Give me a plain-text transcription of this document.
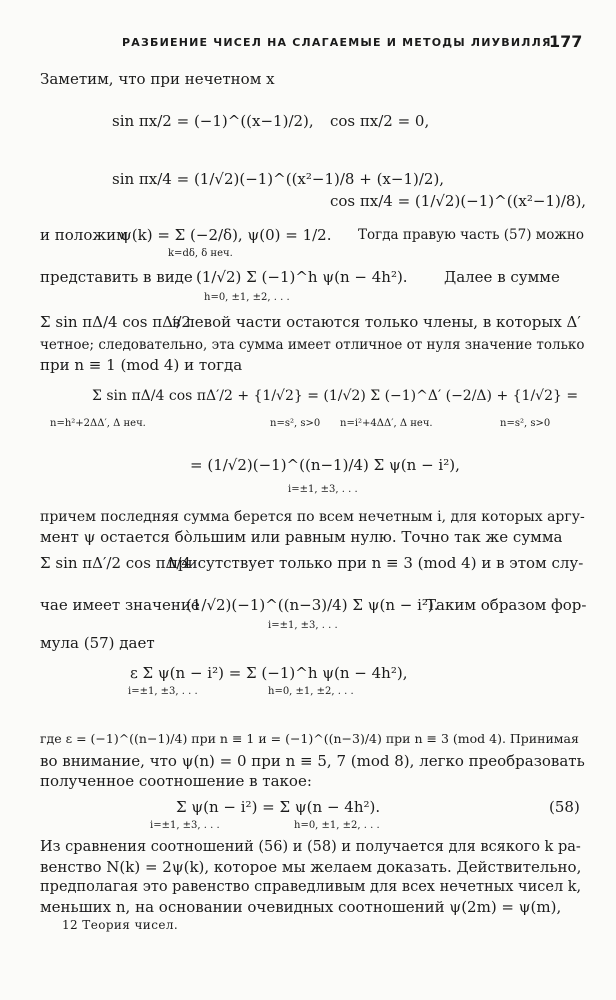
РАЗБИЕНИЕ ЧИСЕЛ НА СЛАГАЕМЫЕ И МЕТОДЫ ЛИУВИЛЛЯ
177
Заметим, что при нечетном x
sin πx/2 = (−1)^((x−1)/2), cos πx/2 = 0,
sin πx/4 = (1/√2)(−1)^((x²−1)/8 + (x−1)/2),
cos πx/4 = (1/√2)(−1)^((x²−1)/8),
и положим
ψ(k) = Σ (−2/δ), ψ(0) = 1/2.
k=dδ, δ неч.
Тогда правую часть (57) можно
представить в виде (1/√2) Σ (−1)^h ψ(n − 4h²).
h=0, ±1, ±2, . . .
Далее в сумме
Σ sin πΔ/4 cos πΔ′/2
в левой части остаются только члены, в которых Δ′
четное; следовательно, эта сумма имеет отличное от нуля значение только
при n ≡ 1 (mod 4) и тогда
Σ sin πΔ/4 cos πΔ′/2 + {1/√2} = (1/√2) Σ (−1)^Δ′ (−2/Δ) + {1/√2} =
n=h²+2ΔΔ′, Δ неч.	n=s², s>0 n=i²+4ΔΔ′, Δ неч.	n=s², s>0
= (1/√2)(−1)^((n−1)/4) Σ ψ(n − i²),
i=±1, ±3, . . .
причем последняя сумма берется по всем нечетным i, для которых аргу-
мент ψ остается бо̀льшим или равным нулю. Точно так же сумма
Σ sin πΔ′/2 cos πΔ/4
присутствует только при n ≡ 3 (mod 4) и в этом слу-
чае имеет значение
(1/√2)(−1)^((n−3)/4) Σ ψ(n − i²).
i=±1, ±3, . . .
Таким образом фор-
мула (57) дает
ε Σ ψ(n − i²) = Σ (−1)^h ψ(n − 4h²),
i=±1, ±3, . . .	h=0, ±1, ±2, . . .
где ε = (−1)^((n−1)/4) при n ≡ 1 и = (−1)^((n−3)/4) при n ≡ 3 (mod 4). Принимая
во внимание, что ψ(n) = 0 при n ≡ 5, 7 (mod 8), легко преобразовать
полученное соотношение в такое:
Σ ψ(n − i²) = Σ ψ(n − 4h²).
i=±1, ±3, . . .	h=0, ±1, ±2, . . .
(58)
Из сравнения соотношений (56) и (58) и получается для всякого k ра-
венство N(k) = 2ψ(k), которое мы желаем доказать. Действительно,
предполагая это равенство справедливым для всех нечетных чисел k,
меньших n, на основании очевидных соотношений ψ(2m) = ψ(m),
12 Теория чисел.
